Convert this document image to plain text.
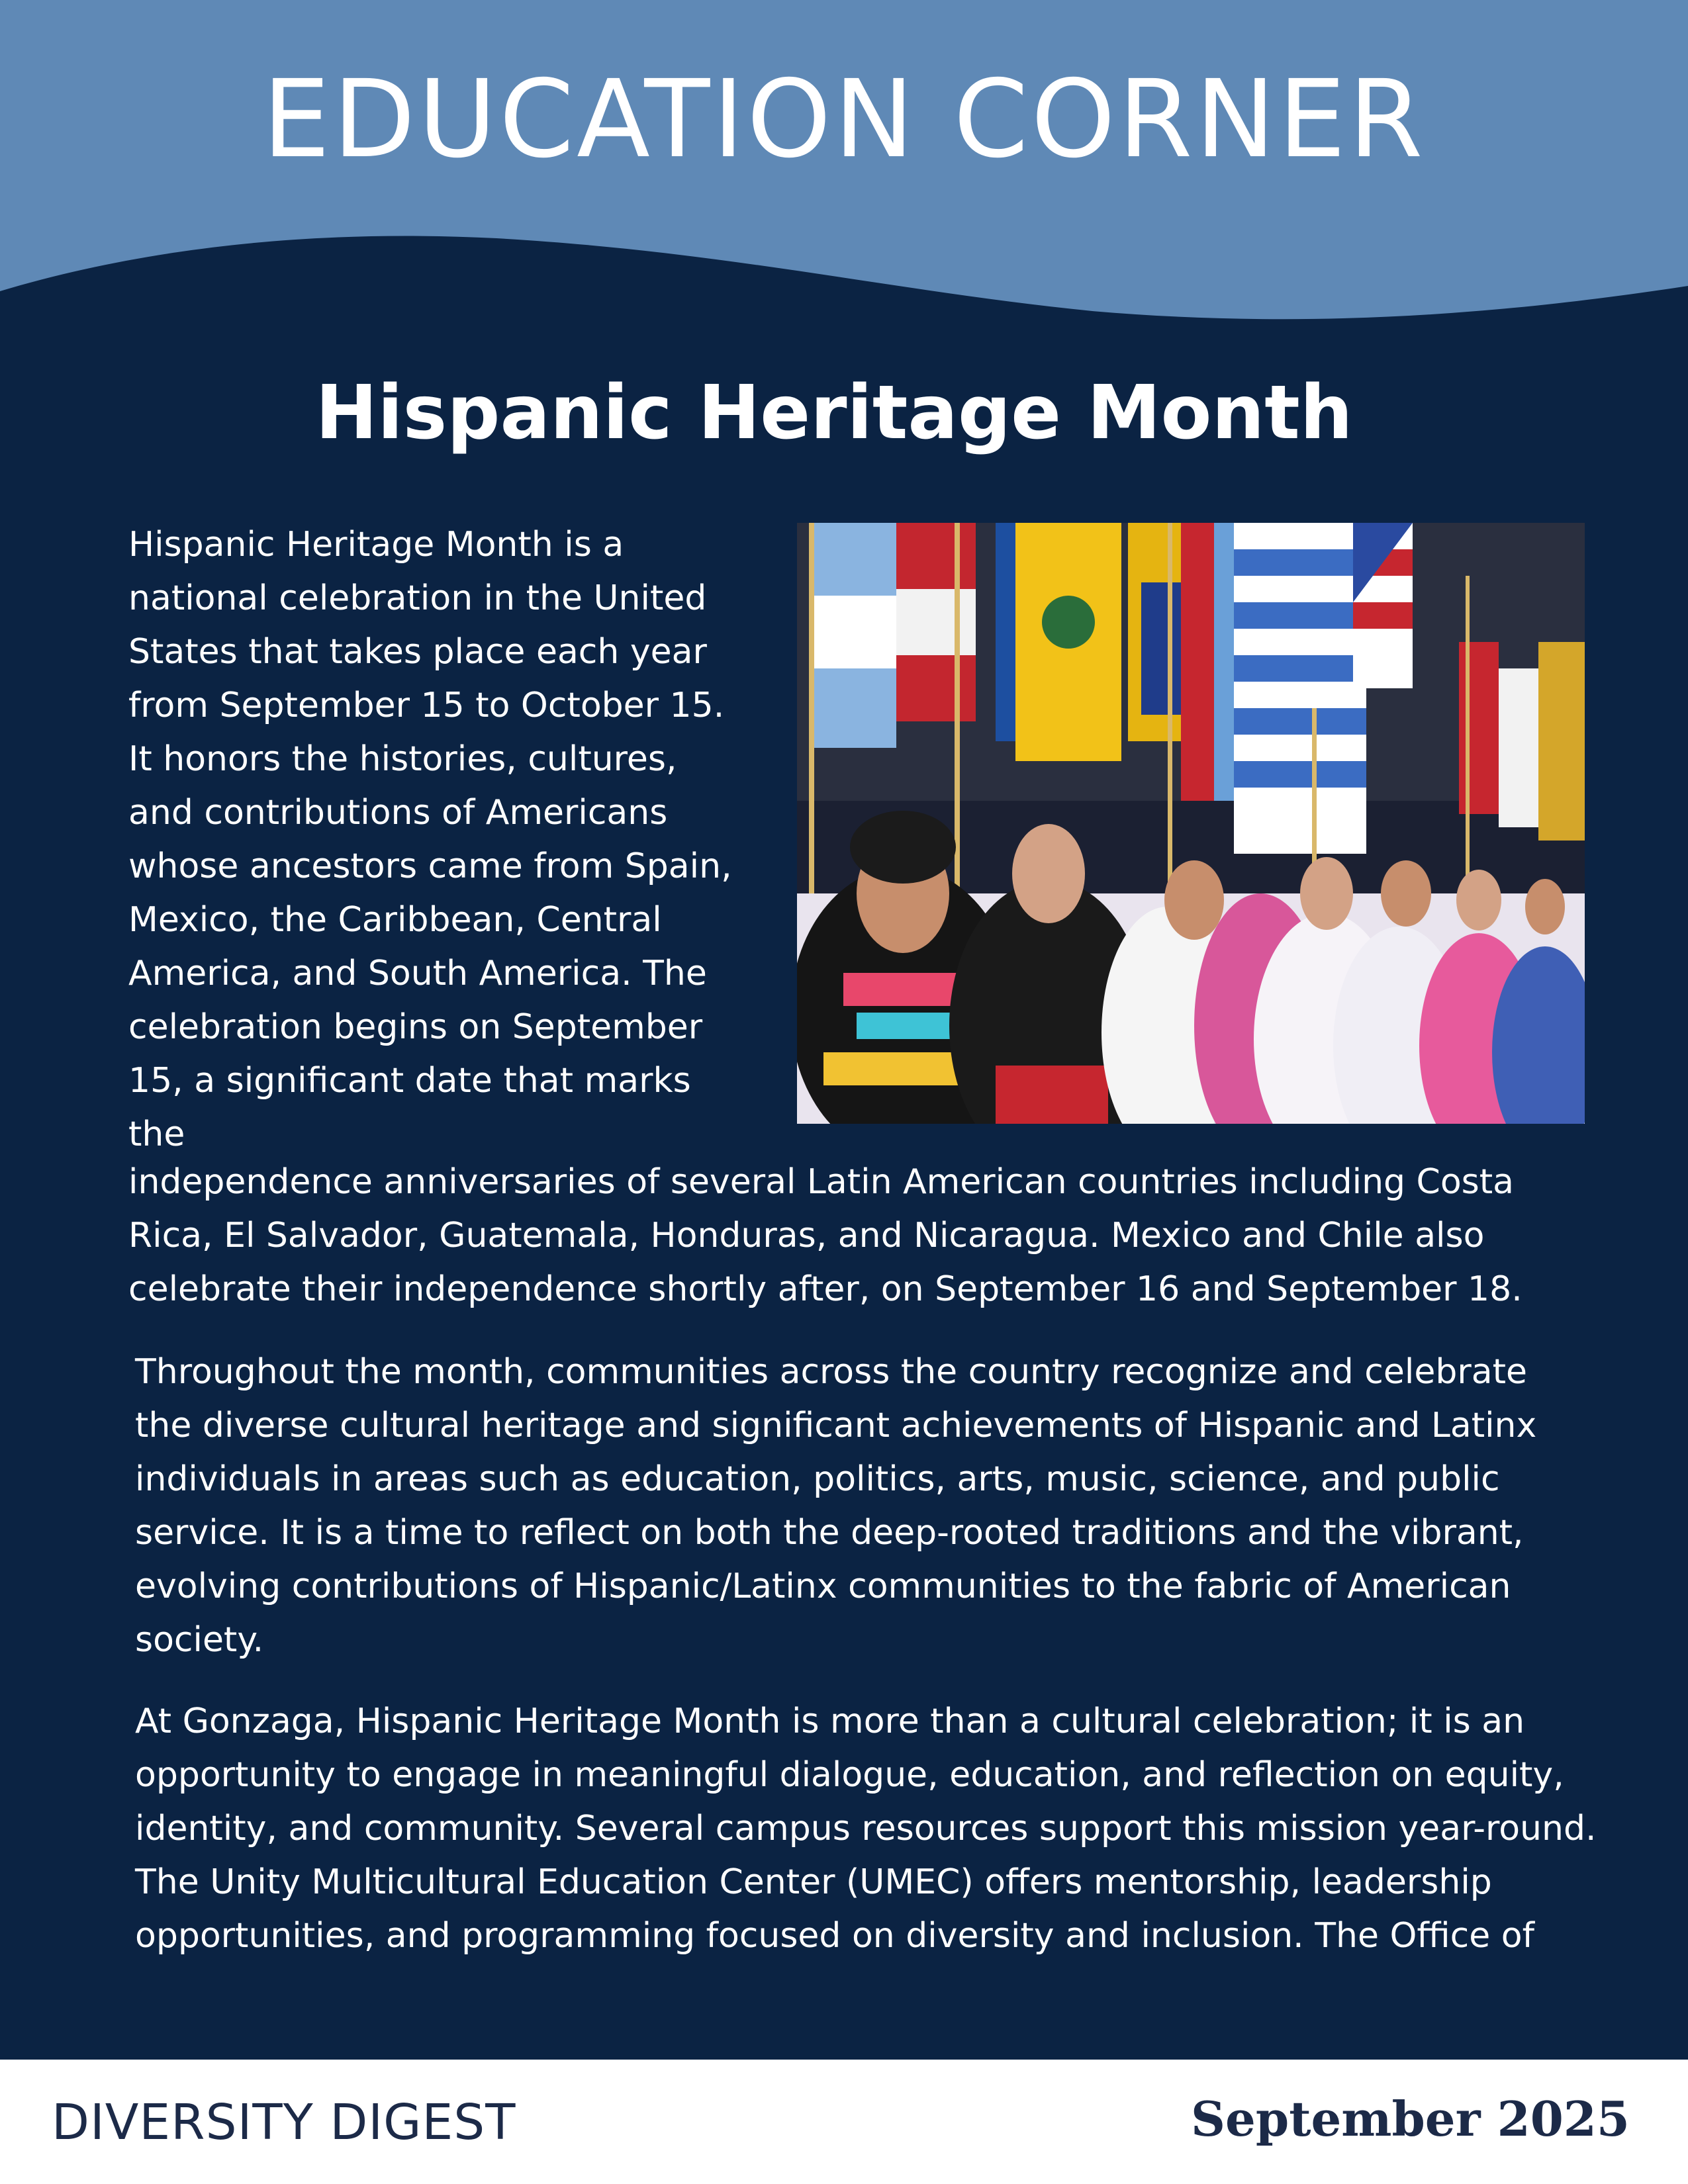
EDUCATION CORNER
Hispanic Heritage Month

Hispanic Heritage Month is a national celebration in the United States that takes place each year from September 15 to October 15. It honors the histories, cultures, and contributions of Americans whose ancestors came from Spain, Mexico, the Caribbean, Central America, and South America. The celebration begins on September 15, a significant date that marks the

independence anniversaries of several Latin American countries including Costa Rica, El Salvador, Guatemala, Honduras, and Nicaragua. Mexico and Chile also celebrate their independence shortly after, on September 16 and September 18.

Throughout the month, communities across the country recognize and celebrate the diverse cultural heritage and significant achievements of Hispanic and Latinx individuals in areas such as education, politics, arts, music, science, and public service. It is a time to reflect on both the deep-rooted traditions and the vibrant, evolving contributions of Hispanic/Latinx communities to the fabric of American society.

At Gonzaga, Hispanic Heritage Month is more than a cultural celebration; it is an opportunity to engage in meaningful dialogue, education, and reflection on equity, identity, and community. Several campus resources support this mission year-round. The Unity Multicultural Education Center (UMEC) offers mentorship, leadership opportunities, and programming focused on diversity and inclusion. The Office of

DIVERSITY DIGEST	September 2025
